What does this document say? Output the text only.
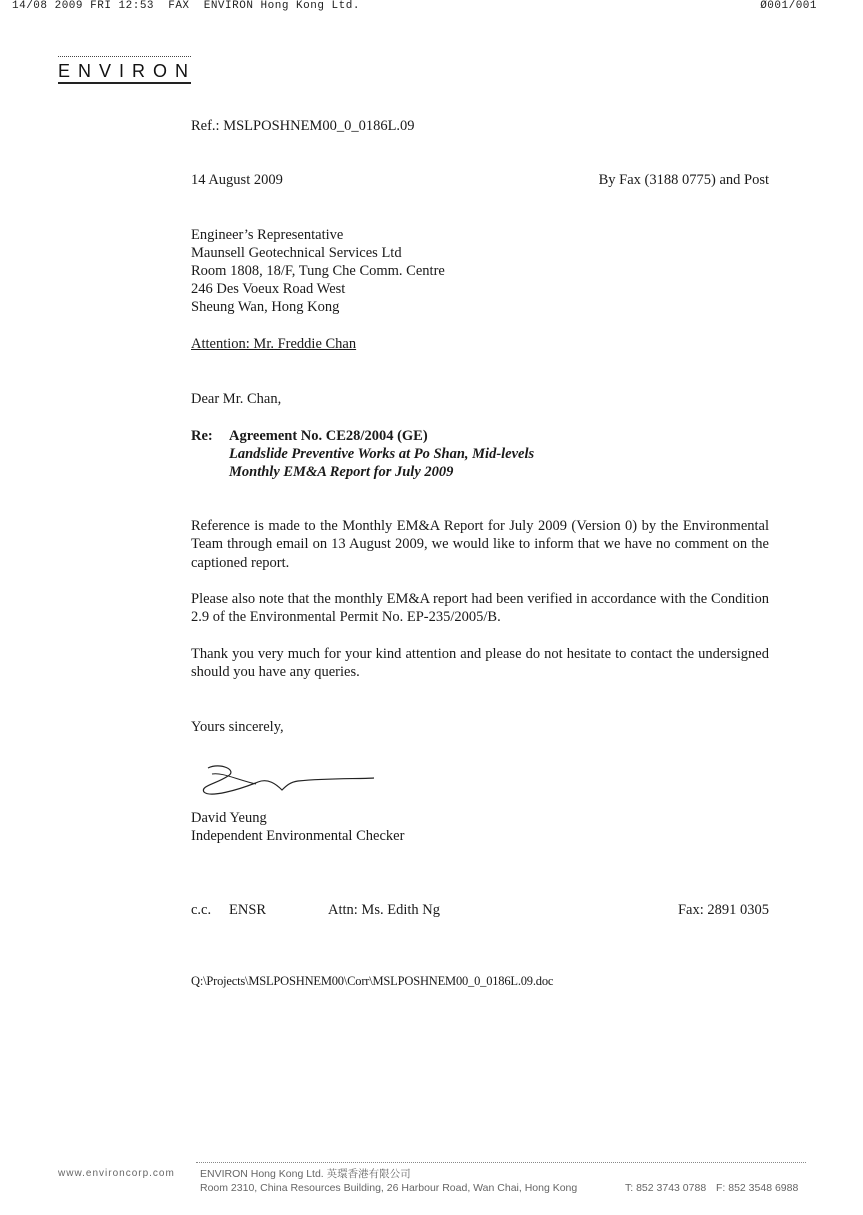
14/08 2009 FRI 12:53  FAX  ENVIRON Hong Kong Ltd.	Ø001/001
ENVIRON
Ref.: MSLPOSHNEM00_0_0186L.09
14 August 2009	By Fax (3188 0775) and Post
Engineer’s Representative
Maunsell Geotechnical Services Ltd
Room 1808, 18/F, Tung Che Comm. Centre
246 Des Voeux Road West
Sheung Wan, Hong Kong
Attention: Mr. Freddie Chan
Dear Mr. Chan,
Re: Agreement No. CE28/2004 (GE)
Landslide Preventive Works at Po Shan, Mid-levels
Monthly EM&A Report for July 2009
Reference is made to the Monthly EM&A Report for July 2009 (Version 0) by the Environmental Team through email on 13 August 2009, we would like to inform that we have no comment on the captioned report.
Please also note that the monthly EM&A report had been verified in accordance with the Condition 2.9 of the Environmental Permit No. EP-235/2005/B.
Thank you very much for your kind attention and please do not hesitate to contact the undersigned should you have any queries.
Yours sincerely,
David Yeung
Independent Environmental Checker
c.c. ENSR	Attn: Ms. Edith Ng	Fax: 2891 0305
Q:\Projects\MSLPOSHNEM00\Corr\MSLPOSHNEM00_0_0186L.09.doc
www.environcorp.com ENVIRON Hong Kong Ltd. 英環香港有限公司
Room 2310, China Resources Building, 26 Harbour Road, Wan Chai, Hong Kong	T: 852 3743 0788 F: 852 3548 6988
